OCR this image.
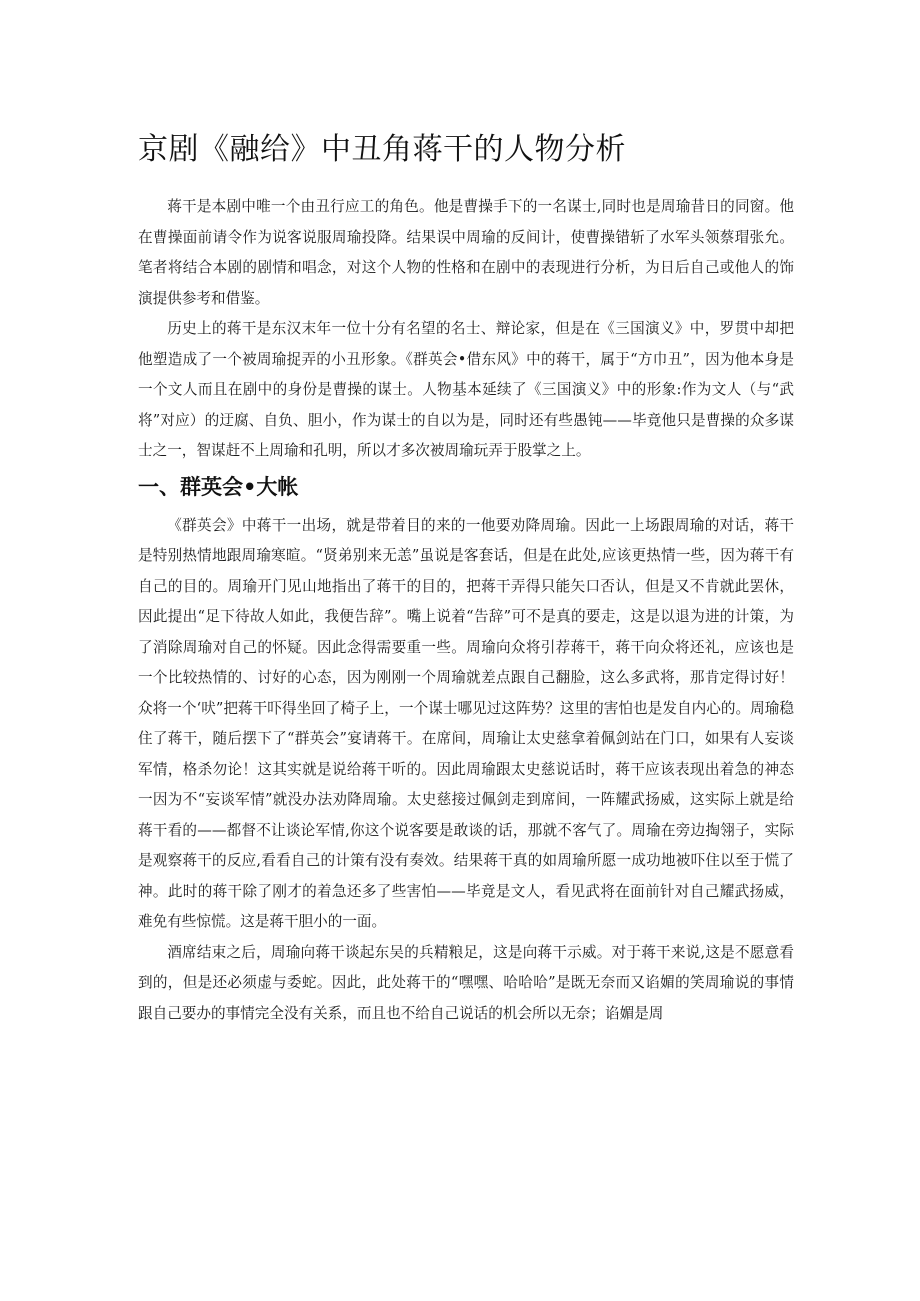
京剧《融给》中丑角蒋干的人物分析

蒋干是本剧中唯一个由丑行应工的角色。他是曹操手下的一名谋士,同时也是周瑜昔日的同窗。他在曹操面前请令作为说客说服周瑜投降。结果误中周瑜的反间计，使曹操错斩了水军头领蔡瑁张允。笔者将结合本剧的剧情和唱念，对这个人物的性格和在剧中的表现进行分析，为日后自己或他人的饰演提供参考和借鉴。

历史上的蒋干是东汉末年一位十分有名望的名士、辩论家，但是在《三国演义》中，罗贯中却把他塑造成了一个被周瑜捉弄的小丑形象。《群英会•借东风》中的蒋干，属于“方巾丑”，因为他本身是一个文人而且在剧中的身份是曹操的谋士。人物基本延续了《三国演义》中的形象:作为文人（与“武将”对应）的迂腐、自负、胆小，作为谋士的自以为是，同时还有些愚钝——毕竟他只是曹操的众多谋士之一，智谋赶不上周瑜和孔明，所以才多次被周瑜玩弄于股掌之上。

一、群英会•大帐

《群英会》中蒋干一出场，就是带着目的来的一他要劝降周瑜。因此一上场跟周瑜的对话，蒋干是特别热情地跟周瑜寒暄。“贤弟别来无恙”虽说是客套话，但是在此处,应该更热情一些，因为蒋干有自己的目的。周瑜开门见山地指出了蒋干的目的，把蒋干弄得只能矢口否认，但是又不肯就此罢休，因此提出“足下待故人如此，我便告辞”。嘴上说着“告辞”可不是真的要走，这是以退为进的计策，为了消除周瑜对自己的怀疑。因此念得需要重一些。周瑜向众将引荐蒋干，蒋干向众将还礼，应该也是一个比较热情的、讨好的心态，因为刚刚一个周瑜就差点跟自己翻脸，这么多武将，那肯定得讨好！众将一个‘吠”把蒋干吓得坐回了椅子上，一个谋士哪见过这阵势？这里的害怕也是发自内心的。周瑜稳住了蒋干，随后摆下了“群英会”宴请蒋干。在席间，周瑜让太史慈拿着佩剑站在门口，如果有人妄谈军情，格杀勿论！这其实就是说给蒋干听的。因此周瑜跟太史慈说话时，蒋干应该表现出着急的神态一因为不“妄谈军情”就没办法劝降周瑜。太史慈接过佩剑走到席间，一阵耀武扬威，这实际上就是给蒋干看的——都督不让谈论军情,你这个说客要是敢谈的话，那就不客气了。周瑜在旁边掏翎子，实际是观察蒋干的反应,看看自己的计策有没有奏效。结果蒋干真的如周瑜所愿一成功地被吓住以至于慌了神。此时的蒋干除了刚才的着急还多了些害怕——毕竟是文人，看见武将在面前针对自己耀武扬威，难免有些惊慌。这是蒋干胆小的一面。

酒席结束之后，周瑜向蒋干谈起东吴的兵精粮足，这是向蒋干示威。对于蒋干来说,这是不愿意看到的，但是还必须虚与委蛇。因此，此处蒋干的“嘿嘿、哈哈哈”是既无奈而又谄媚的笑周瑜说的事情跟自己要办的事情完全没有关系，而且也不给自己说话的机会所以无奈；谄媚是周
